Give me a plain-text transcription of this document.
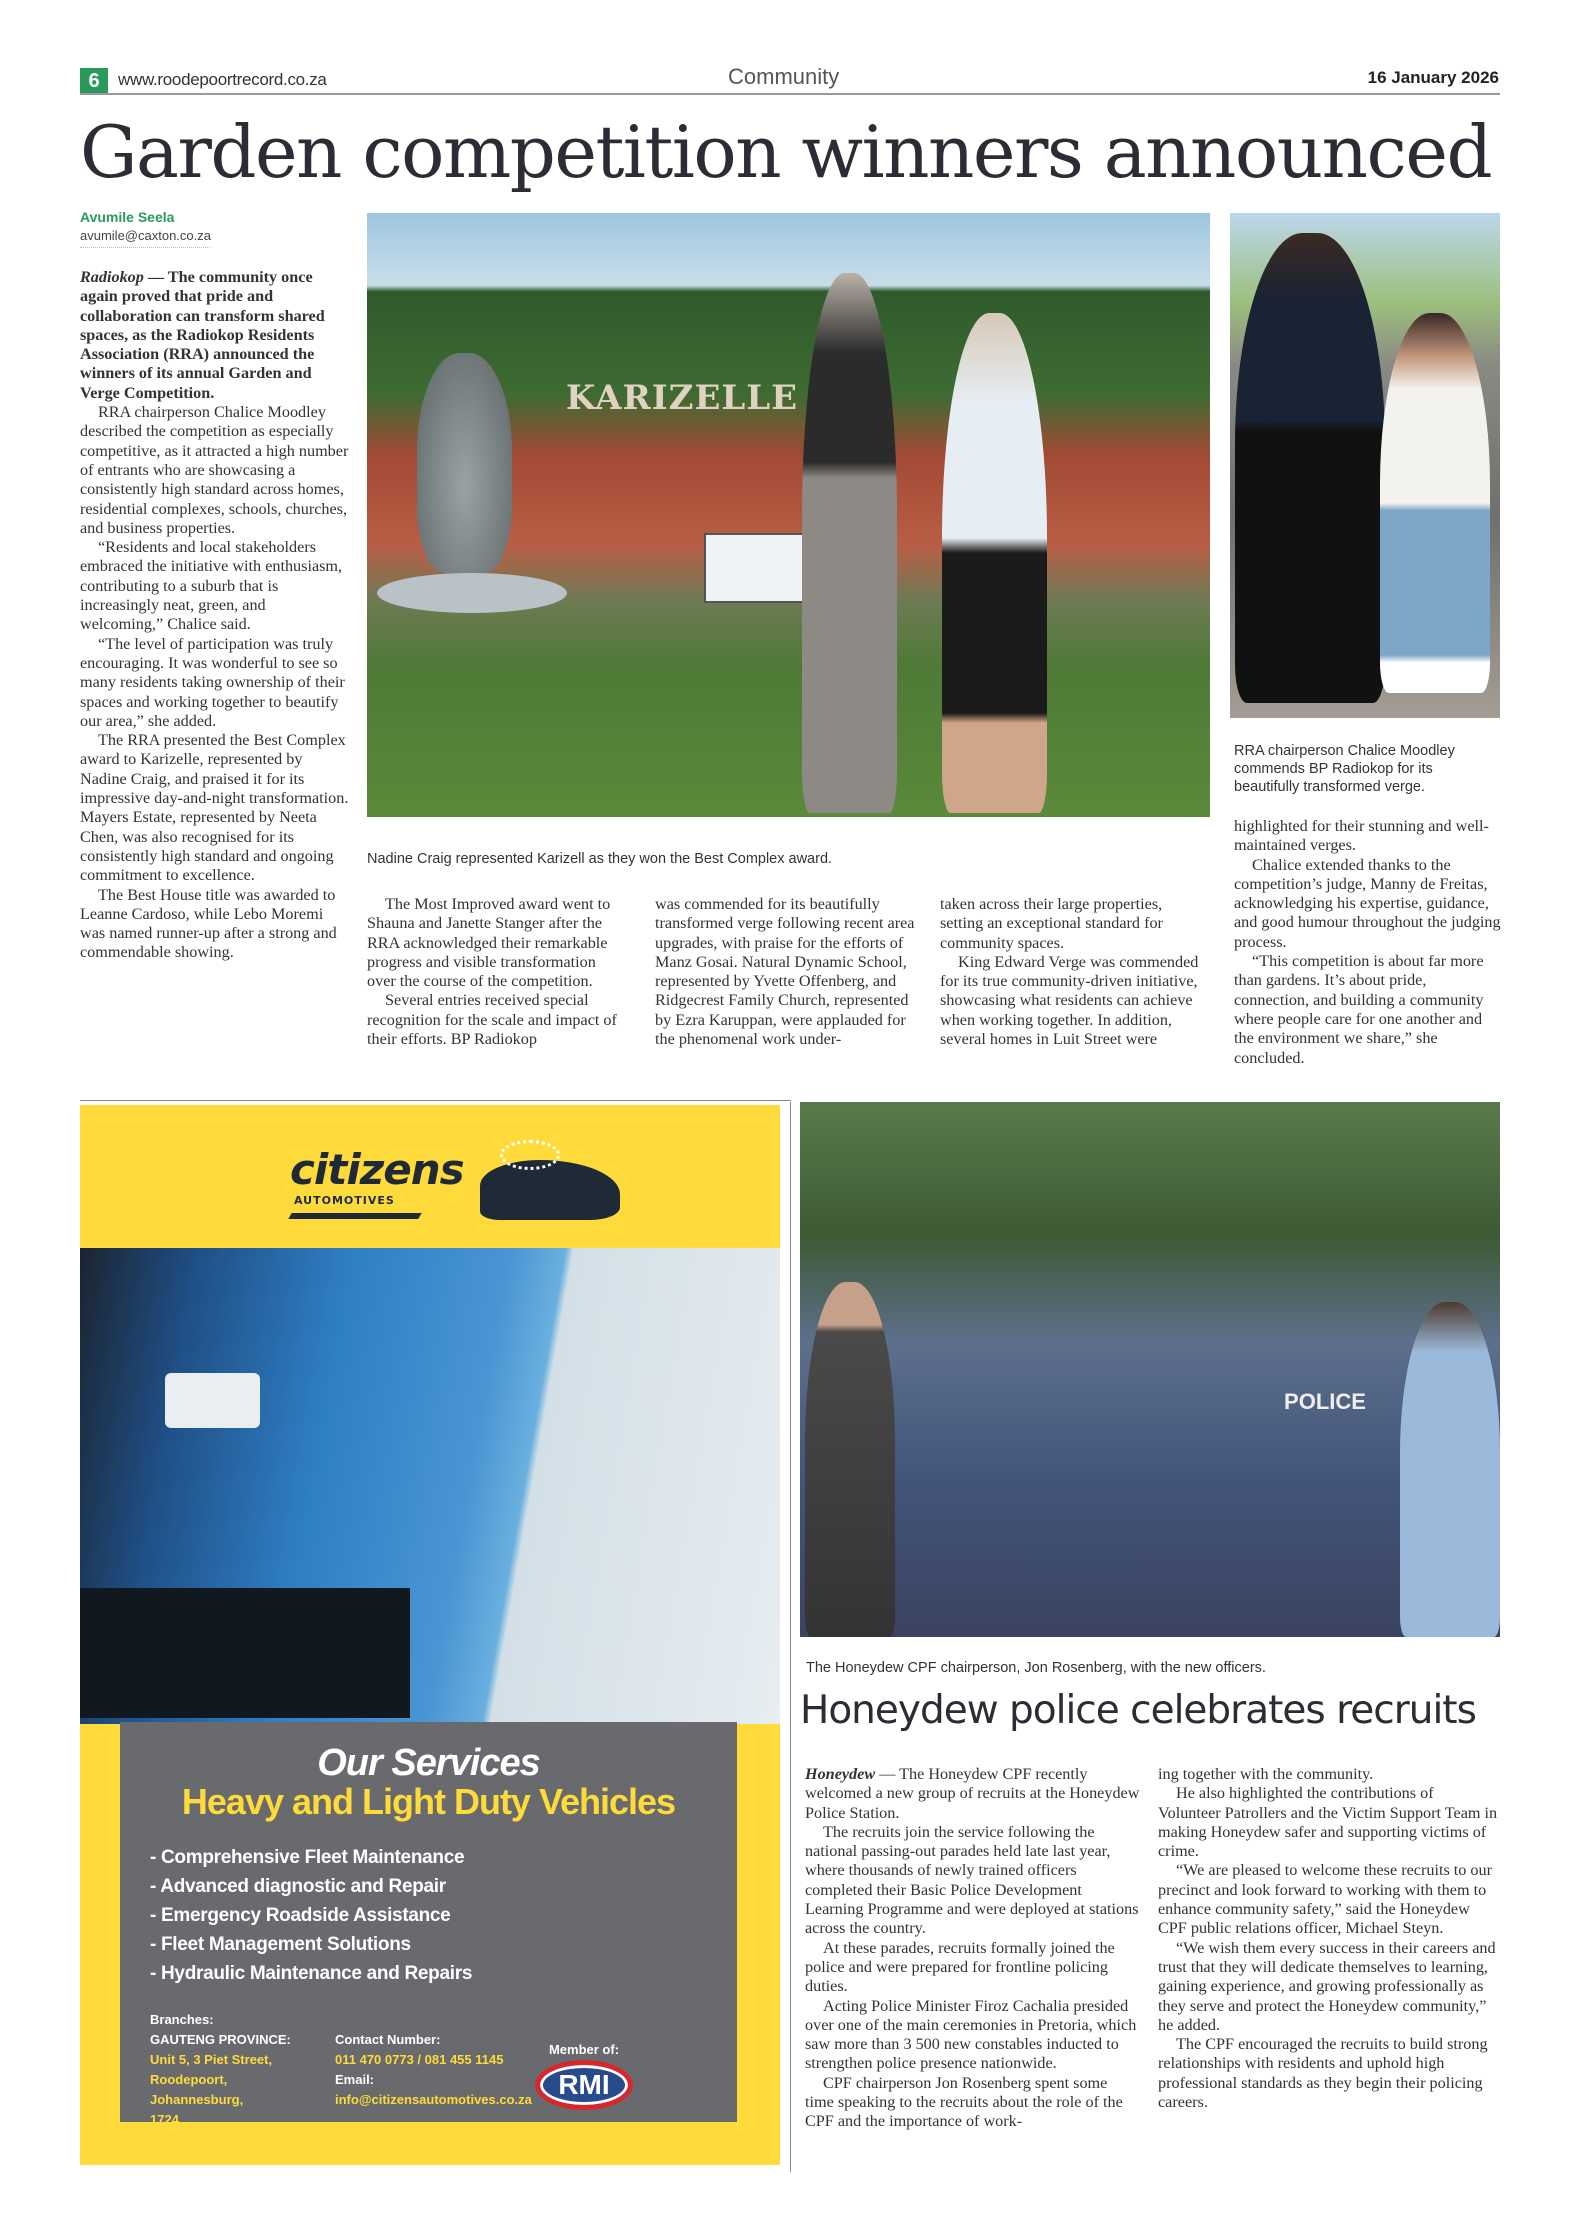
6	www.roodepoortrecord.co.za	Community	16 January 2026
Garden competition winners announced
Avumile Seela
avumile@caxton.co.za

Radiokop — The community once again proved that pride and collaboration can transform shared spaces, as the Radiokop Residents Association (RRA) announced the winners of its annual Garden and Verge Competition.

RRA chairperson Chalice Moodley described the competition as especially competitive, as it attracted a high number of entrants who are showcasing a consistently high standard across homes, residential complexes, schools, churches, and business properties.

“Residents and local stakeholders embraced the initiative with enthusiasm, contributing to a suburb that is increasingly neat, green, and welcoming,” Chalice said.

“The level of participation was truly encouraging. It was wonderful to see so many residents taking ownership of their spaces and working together to beautify our area,” she added.

The RRA presented the Best Complex award to Karizelle, represented by Nadine Craig, and praised it for its impressive day-and-night transformation. Mayers Estate, represented by Neeta Chen, was also recognised for its consistently high standard and ongoing commitment to excellence.

The Best House title was awarded to Leanne Cardoso, while Lebo Moremi was named runner-up after a strong and commendable showing.

KARIZELLE
Nadine Craig represented Karizell as they won the Best Complex award.
RRA chairperson Chalice Moodley commends BP Radiokop for its beautifully transformed verge.

The Most Improved award went to Shauna and Janette Stanger after the RRA acknowledged their remarkable progress and visible transformation over the course of the competition.

Several entries received special recognition for the scale and impact of their efforts. BP Radiokop

was commended for its beautifully transformed verge following recent area upgrades, with praise for the efforts of Manz Gosai. Natural Dynamic School, represented by Yvette Offenberg, and Ridgecrest Family Church, represented by Ezra Karuppan, were applauded for the phenomenal work under-

taken across their large properties, setting an exceptional standard for community spaces.

King Edward Verge was commended for its true community-driven initiative, showcasing what residents can achieve when working together. In addition, several homes in Luit Street were

highlighted for their stunning and well-maintained verges.

Chalice extended thanks to the competition’s judge, Manny de Freitas, acknowledging his expertise, guidance, and good humour throughout the judging process.

“This competition is about far more than gardens. It’s about pride, connection, and building a community where people care for one another and the environment we share,” she concluded.

citizens
AUTOMOTIVES
Our Services
Heavy and Light Duty Vehicles
- Comprehensive Fleet Maintenance
- Advanced diagnostic and Repair
- Emergency Roadside Assistance
- Fleet Management Solutions
- Hydraulic Maintenance and Repairs
Branches:
GAUTENG PROVINCE:
Unit 5, 3 Piet Street, Roodepoort,
Johannesburg,
1724
Contact Number:
011 470 0773 / 081 455 1145
Email:
info@citizensautomotives.co.za
Member of:
RMI
POLICE
The Honeydew CPF chairperson, Jon Rosenberg, with the new officers.
Honeydew police celebrates recruits

Honeydew — The Honeydew CPF recently welcomed a new group of recruits at the Honeydew Police Station.

The recruits join the service following the national passing-out parades held late last year, where thousands of newly trained officers completed their Basic Police Development Learning Programme and were deployed at stations across the country.

At these parades, recruits formally joined the police and were prepared for frontline policing duties.

Acting Police Minister Firoz Cachalia presided over one of the main ceremonies in Pretoria, which saw more than 3 500 new constables inducted to strengthen police presence nationwide.

CPF chairperson Jon Rosenberg spent some time speaking to the recruits about the role of the CPF and the importance of work-

ing together with the community.

He also highlighted the contributions of Volunteer Patrollers and the Victim Support Team in making Honeydew safer and supporting victims of crime.

“We are pleased to welcome these recruits to our precinct and look forward to working with them to enhance community safety,” said the Honeydew CPF public relations officer, Michael Steyn.

“We wish them every success in their careers and trust that they will dedicate themselves to learning, gaining experience, and growing professionally as they serve and protect the Honeydew community,” he added.

The CPF encouraged the recruits to build strong relationships with residents and uphold high professional standards as they begin their policing careers.
